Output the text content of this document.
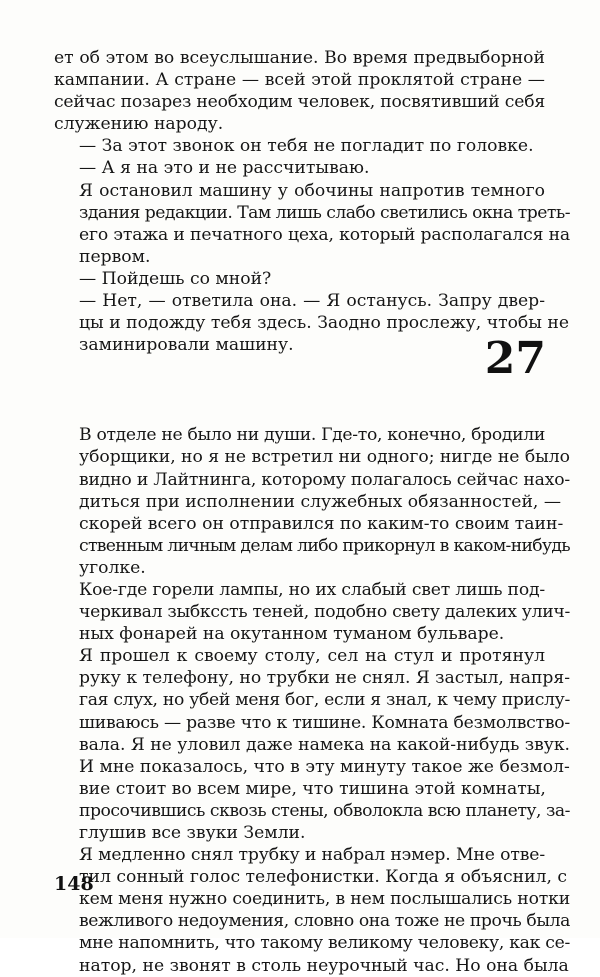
ет об этом во всеуслышание. Во время предвыборной
кампании. А стране — всей этой проклятой стране —
сейчас позарез необходим человек, посвятивший себя
служению народу.
— За этот звонок он тебя не погладит по головке.
— А я на это и не рассчитываю.
Я остановил машину у обочины напротив темного
здания редакции. Там лишь слабо светились окна треть-
его этажа и печатного цеха, который располагался на
первом.
— Пойдешь со мной?
— Нет, — ответила она. — Я останусь. Запру двер-
цы и подожду тебя здесь. Заодно прослежу, чтобы не
заминировали машину.
В отделе не было ни души. Где-то, конечно, бродили
уборщики, но я не встретил ни одного; нигде не было
видно и Лайтнинга, которому полагалось сейчас нахо-
диться при исполнении служебных обязанностей, —
скорей всего он отправился по каким-то своим таин-
ственным личным делам либо прикорнул в каком-нибудь
уголке.
Кое-где горели лампы, но их слабый свет лишь под-
черкивал зыбкссть теней, подобно свету далеких улич-
ных фонарей на окутанном туманом бульваре.
Я прошел к своему столу, сел на стул и протянул
руку к телефону, но трубки не снял. Я застыл, напря-
гая слух, но убей меня бог, если я знал, к чему прислу-
шиваюсь — разве что к тишине. Комната безмолвство-
вала. Я не уловил даже намека на какой-нибудь звук.
И мне показалось, что в эту минуту такое же безмол-
вие стоит во всем мире, что тишина этой комнаты,
просочившись сквозь стены, обволокла всю планету, за-
глушив все звуки Земли.
Я медленно снял трубку и набрал нэмер. Мне отве-
тил сонный голос телефонистки. Когда я объяснил, с
кем меня нужно соединить, в нем послышались нотки
вежливого недоумения, словно она тоже не прочь была
мне напомнить, что такому великому человеку, как се-
натор, не звонят в столь неурочный час. Но она была
27
148
